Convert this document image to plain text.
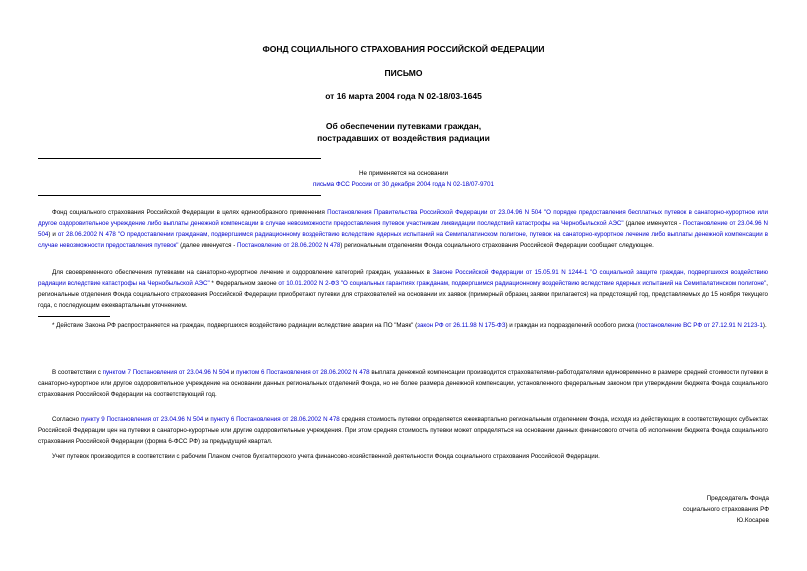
ФОНД СОЦИАЛЬНОГО СТРАХОВАНИЯ РОССИЙСКОЙ ФЕДЕРАЦИИ
ПИСЬМО
от 16 марта 2004 года N 02-18/03-1645
Об обеспечении путевками граждан,
пострадавших от воздействия радиации
Не применяется на основании
письма ФСС России от 30 декабря 2004 года N 02-18/07-9701

Фонд социального страхования Российской Федерации в целях единообразного применения Постановления Правительства Российской Федерации от 23.04.96 N 504 "О порядке предоставления бесплатных путевок в санаторно-курортное или другое оздоровительное учреждение либо выплаты денежной компенсации в случае невозможности предоставления путевок участникам ликвидации последствий катастрофы на Чернобыльской АЭС" (далее именуется - Постановление от 23.04.96 N 504) и от 28.06.2002 N 478 "О предоставлении гражданам, подвергшимся радиационному воздействию вследствие ядерных испытаний на Семипалатинском полигоне, путевок на санаторно-курортное лечение либо выплаты денежной компенсации в случае невозможности предоставления путевок" (далее именуется - Постановление от 28.06.2002 N 478) региональным отделениям Фонда социального страхования Российской Федерации сообщает следующее.

Для своевременного обеспечения путевками на санаторно-курортное лечение и оздоровление категорий граждан, указанных в Законе Российской Федерации от 15.05.91 N 1244-1 "О социальной защите граждан, подвергшихся воздействию радиации вследствие катастрофы на Чернобыльской АЭС" * Федеральном законе от 10.01.2002 N 2-ФЗ "О социальных гарантиях гражданам, подвергшимся радиационному воздействию вследствие ядерных испытаний на Семипалатинском полигоне", региональные отделения Фонда социального страхования Российской Федерации приобретают путевки для страхователей на основании их заявок (примерный образец заявки прилагается) на предстоящий год, представляемых до 15 ноября текущего года, с последующим ежеквартальным уточнением.

* Действие Закона РФ распространяется на граждан, подвергшихся воздействию радиации вследствие аварии на ПО "Маяк" (закон РФ от 26.11.98 N 175-ФЗ) и граждан из подразделений особого риска (постановление ВС РФ от 27.12.91 N 2123-1).

В соответствии с пунктом 7 Постановления от 23.04.96 N 504 и пунктом 6 Постановления от 28.06.2002 N 478 выплата денежной компенсации производится страхователями-работодателями единовременно в размере средней стоимости путевки в санаторно-курортное или другое оздоровительное учреждение на основании данных региональных отделений Фонда, но не более размера денежной компенсации, установленного федеральным законом при утверждении бюджета Фонда социального страхования Российской Федерации на соответствующий год.

Согласно пункту 9 Постановления от 23.04.96 N 504 и пункту 6 Постановления от 28.06.2002 N 478 средняя стоимость путевки определяется ежеквартально региональным отделением Фонда, исходя из действующих в соответствующих субъектах Российской Федерации цен на путевки в санаторно-курортные или другие оздоровительные учреждения. При этом средняя стоимость путевки может определяться на основании данных финансового отчета об исполнении бюджета Фонда социального страхования Российской Федерации (форма 6-ФСС РФ) за предыдущий квартал.

Учет путевок производится в соответствии с рабочим Планом счетов бухгалтерского учета финансово-хозяйственной деятельности Фонда социального страхования Российской Федерации.

Председатель Фонда
социального страхования РФ
Ю.Косарев
